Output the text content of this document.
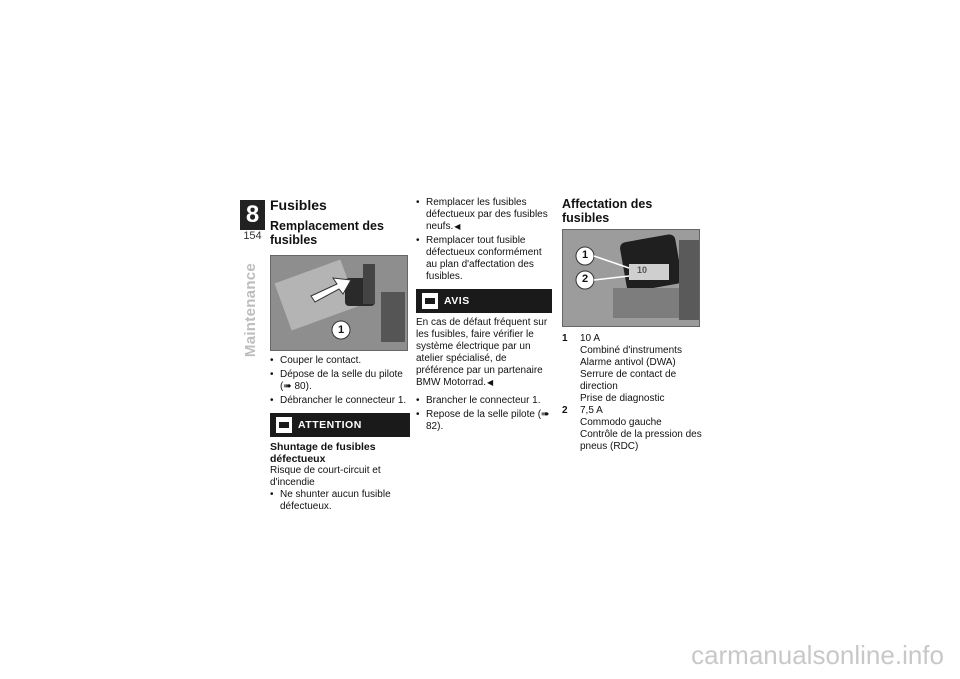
8
154
Maintenance
Fusibles
Remplacement des fusibles
1
• Couper le contact.
• Dépose de la selle du pilote (➠ 80).
• Débrancher le connecteur 1.
ATTENTION
Shuntage de fusibles défectueux
Risque de court-circuit et d'incendie
• Ne shunter aucun fusible défectueux.
• Remplacer les fusibles défectueux par des fusibles neufs. ◀
• Remplacer tout fusible défectueux conformément au plan d'affectation des fusibles.
AVIS
En cas de défaut fréquent sur les fusibles, faire vérifier le système électrique par un atelier spécialisé, de préférence par un partenaire BMW Motorrad. ◀
• Brancher le connecteur 1.
• Repose de la selle pilote (➠ 82).
Affectation des fusibles
10
1
2
1 10 A
Combiné d'instruments
Alarme antivol (DWA)
Serrure de contact de direction
Prise de diagnostic
2 7,5 A
Commodo gauche
Contrôle de la pression des pneus (RDC)
carmanualsonline.info
